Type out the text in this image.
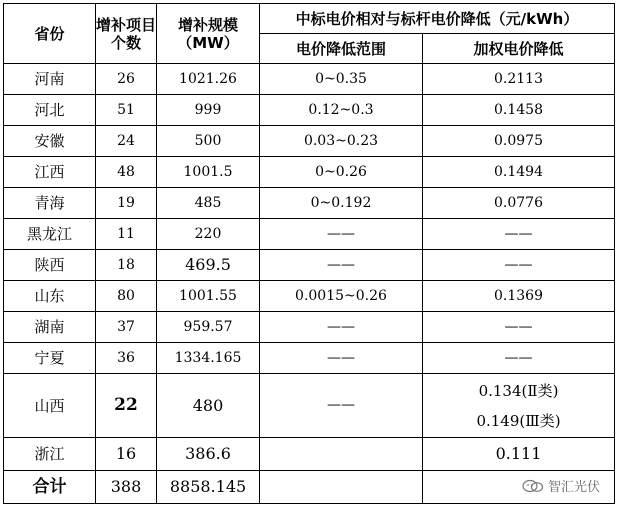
省份	增补项目个数	增补规模（MW）	中标电价相对与标杆电价降低（元/kWh）	
			电价降低范围	加权电价降低
河南	26	1021.26	0~0.35	0.2113
河北	51	999	0.12~0.3	0.1458
安徽	24	500	0.03~0.23	0.0975
江西	48	1001.5	0~0.26	0.1494
青海	19	485	0~0.192	0.0776
黑龙江	11	220	——	——
陕西	18	469.5	——	——
山东	80	1001.55	0.0015~0.26	0.1369
湖南	37	959.57	——	——
宁夏	36	1334.165	——	——
山西	22	480	——	0.134(Ⅱ类)
0.149(Ⅲ类)

浙江	16	386.6		0.111
合计	388	8858.145			智汇光伏
